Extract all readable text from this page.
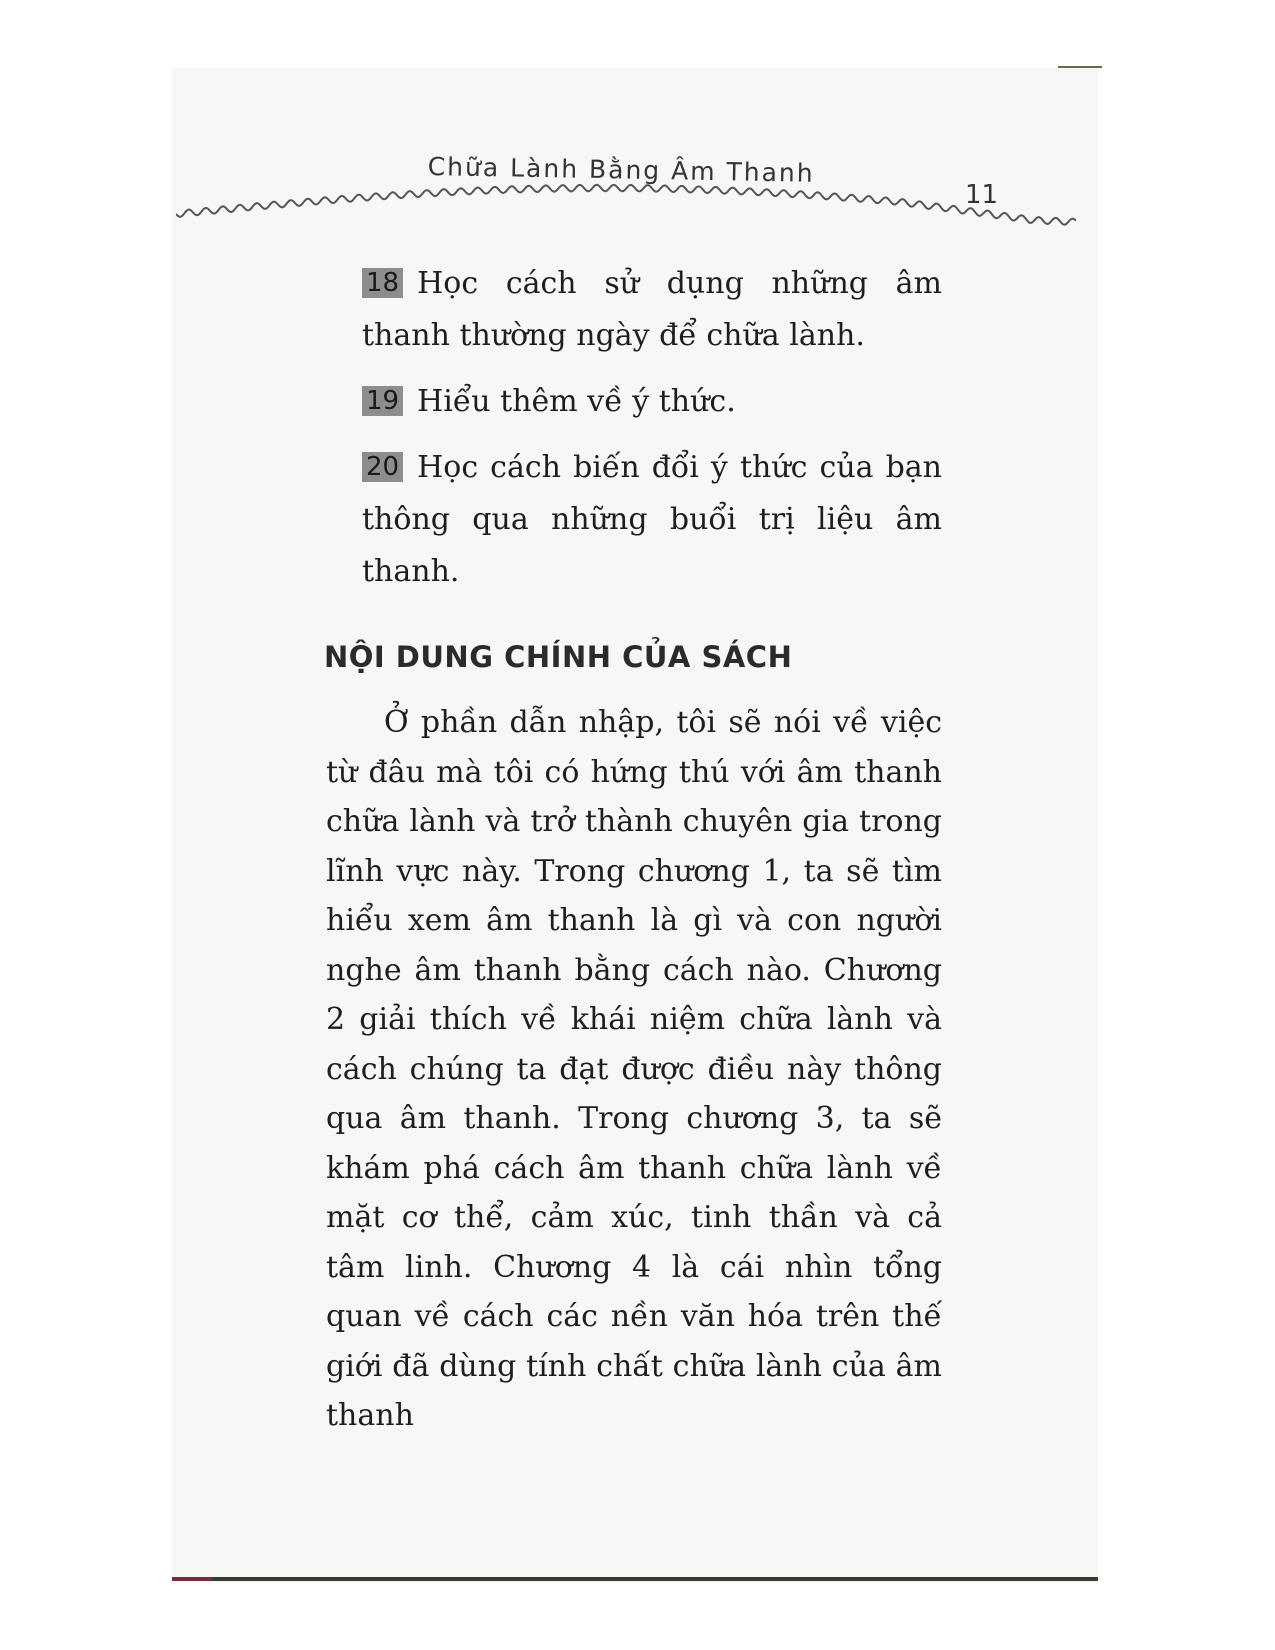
Chữa Lành Bằng Âm Thanh
11
18 Học cách sử dụng những âm thanh thường ngày để chữa lành.
19 Hiểu thêm về ý thức.
20 Học cách biến đổi ý thức của bạn thông qua những buổi trị liệu âm thanh.
NỘI DUNG CHÍNH CỦA SÁCH
Ở phần dẫn nhập, tôi sẽ nói về việc từ đâu mà tôi có hứng thú với âm thanh chữa lành và trở thành chuyên gia trong lĩnh vực này. Trong chương 1, ta sẽ tìm hiểu xem âm thanh là gì và con người nghe âm thanh bằng cách nào. Chương 2 giải thích về khái niệm chữa lành và cách chúng ta đạt được điều này thông qua âm thanh. Trong chương 3, ta sẽ khám phá cách âm thanh chữa lành về mặt cơ thể, cảm xúc, tinh thần và cả tâm linh. Chương 4 là cái nhìn tổng quan về cách các nền văn hóa trên thế giới đã dùng tính chất chữa lành của âm thanh
